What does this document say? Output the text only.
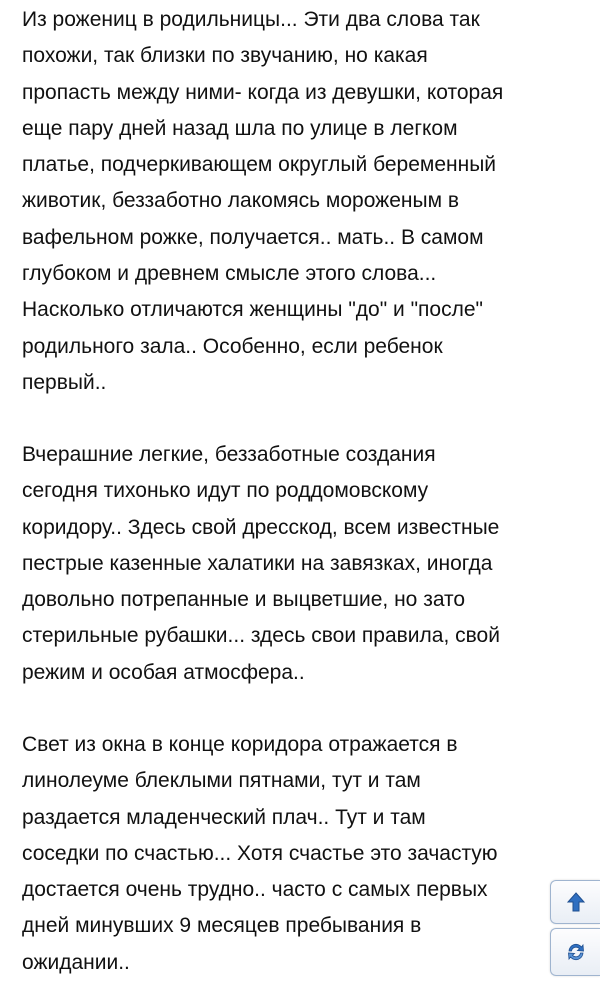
Из рожениц в родильницы... Эти два слова так
похожи, так близки по звучанию, но какая
пропасть между ними- когда из девушки, которая
еще пару дней назад шла по улице в легком
платье, подчеркивающем округлый беременный
животик, беззаботно лакомясь мороженым в
вафельном рожке, получается.. мать.. В самом
глубоком и древнем смысле этого слова...
Насколько отличаются женщины "до" и "после"
родильного зала.. Особенно, если ребенок
первый..

Вчерашние легкие, беззаботные создания
сегодня тихонько идут по роддомовскому
коридору.. Здесь свой дресскод, всем известные
пестрые казенные халатики на завязках, иногда
довольно потрепанные и выцветшие, но зато
стерильные рубашки... здесь свои правила, свой
режим и особая атмосфера..

Свет из окна в конце коридора отражается в
линолеуме блеклыми пятнами, тут и там
раздается младенческий плач.. Тут и там
соседки по счастью... Хотя счастье это зачастую
достается очень трудно.. часто с самых первых
дней минувших 9 месяцев пребывания в
ожидании..
